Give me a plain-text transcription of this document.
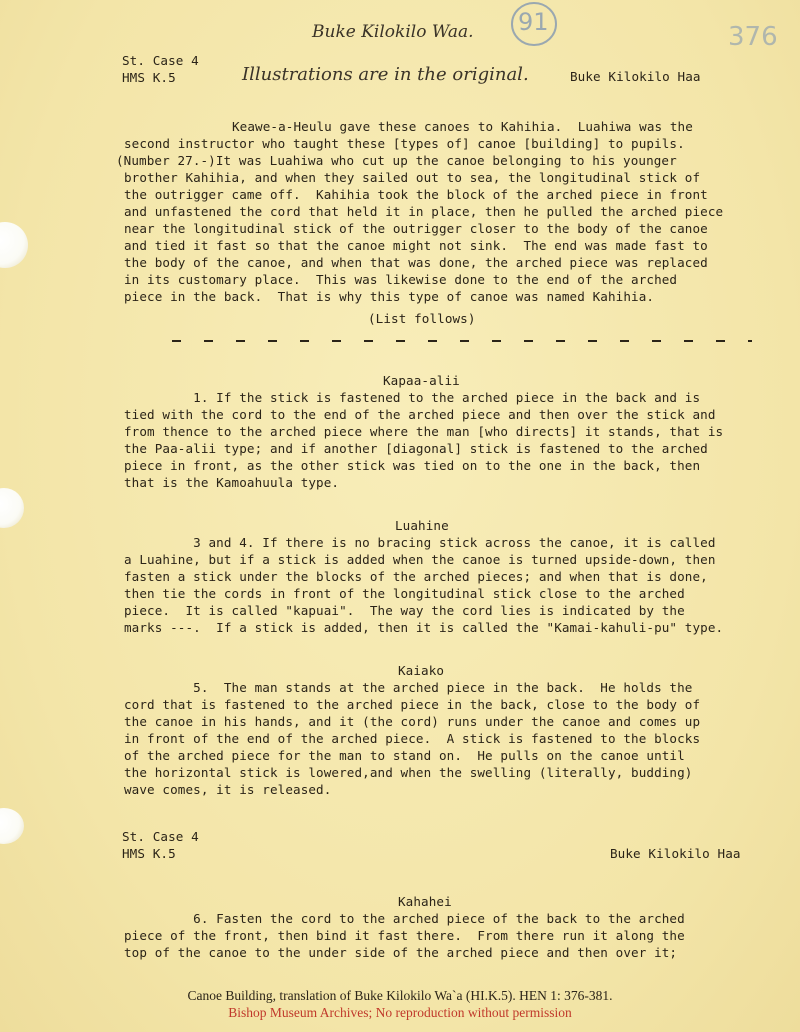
Buke Kilokilo Waa.
Illustrations are in the original.
91	376
St. Case 4
HMS K.5	Buke Kilokilo Haa
Keawe-a-Heulu gave these canoes to Kahihia.  Luahiwa was the
second instructor who taught these [types of] canoe [building] to pupils.
(Number 27.-)It was Luahiwa who cut up the canoe belonging to his younger
brother Kahihia, and when they sailed out to sea, the longitudinal stick of
the outrigger came off.  Kahihia took the block of the arched piece in front
and unfastened the cord that held it in place, then he pulled the arched piece
near the longitudinal stick of the outrigger closer to the body of the canoe
and tied it fast so that the canoe might not sink.  The end was made fast to
the body of the canoe, and when that was done, the arched piece was replaced
in its customary place.  This was likewise done to the end of the arched
piece in the back.  That is why this type of canoe was named Kahihia.
(List follows)
Kapaa-alii
1. If the stick is fastened to the arched piece in the back and is
tied with the cord to the end of the arched piece and then over the stick and
from thence to the arched piece where the man [who directs] it stands, that is
the Paa-alii type; and if another [diagonal] stick is fastened to the arched
piece in front, as the other stick was tied on to the one in the back, then
that is the Kamoahuula type.
Luahine
3 and 4. If there is no bracing stick across the canoe, it is called
a Luahine, but if a stick is added when the canoe is turned upside-down, then
fasten a stick under the blocks of the arched pieces; and when that is done,
then tie the cords in front of the longitudinal stick close to the arched
piece.  It is called "kapuai".  The way the cord lies is indicated by the
marks ---.  If a stick is added, then it is called the "Kamai-kahuli-pu" type.
Kaiako
5.  The man stands at the arched piece in the back.  He holds the
cord that is fastened to the arched piece in the back, close to the body of
the canoe in his hands, and it (the cord) runs under the canoe and comes up
in front of the end of the arched piece.  A stick is fastened to the blocks
of the arched piece for the man to stand on.  He pulls on the canoe until
the horizontal stick is lowered,and when the swelling (literally, budding)
wave comes, it is released.
St. Case 4
HMS K.5	Buke Kilokilo Haa
Kahahei
6. Fasten the cord to the arched piece of the back to the arched
piece of the front, then bind it fast there.  From there run it along the
top of the canoe to the under side of the arched piece and then over it;
Canoe Building, translation of Buke Kilokilo Wa`a (HI.K.5). HEN 1: 376-381.
Bishop Museum Archives; No reproduction without permission
